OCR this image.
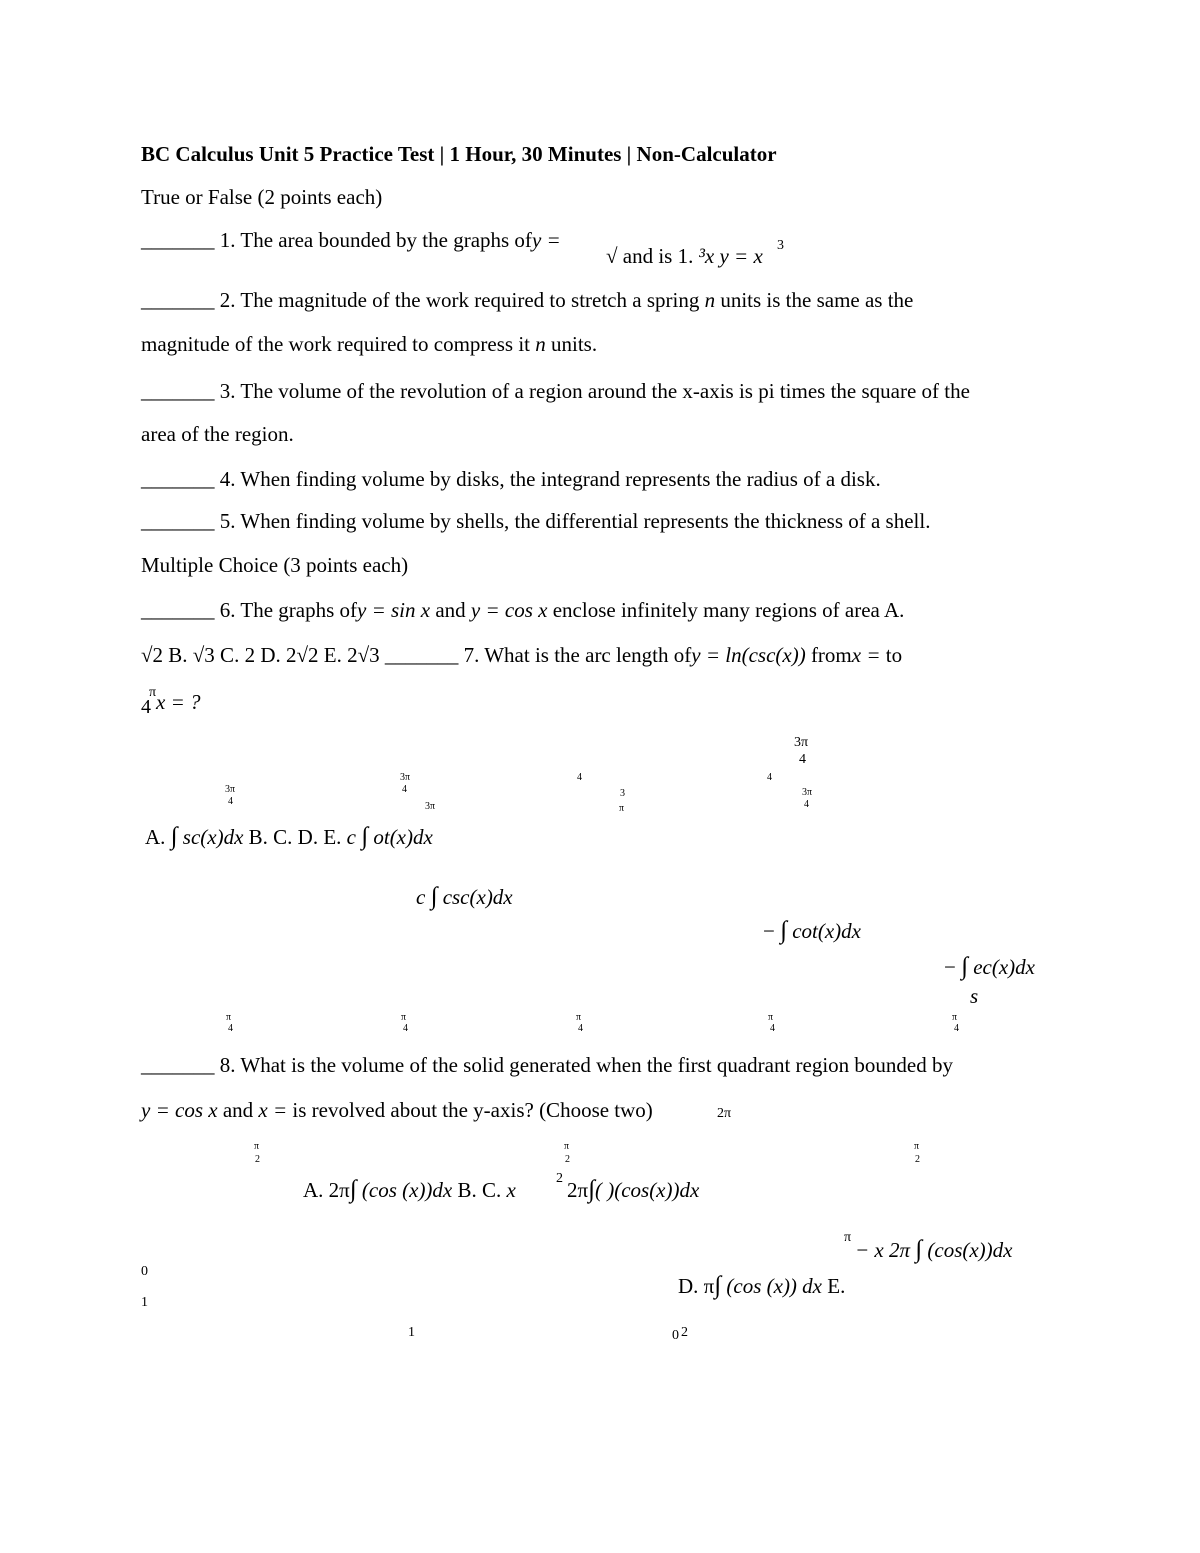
BC Calculus Unit 5 Practice Test | 1 Hour, 30 Minutes | Non-Calculator
True or False (2 points each)
_______ 1. The area bounded by the graphs ofy =
√ and is 1. ³x y = x 3
_______ 2. The magnitude of the work required to stretch a spring n units is the same as the
magnitude of the work required to compress it n units.
_______ 3. The volume of the revolution of a region around the x-axis is pi times the square of the
area of the region.
_______ 4. When finding volume by disks, the integrand represents the radius of a disk.
_______ 5. When finding volume by shells, the differential represents the thickness of a shell.
Multiple Choice (3 points each)
_______ 6. The graphs ofy = sin x and y = cos x enclose infinitely many regions of area A.
√2 B. √3 C. 2 D. 2√2 E. 2√3 _______ 7. What is the arc length ofy = ln(csc(x)) fromx = to
4
π x = ?
3π
4
3π
4
3π
4
3π
4
3
π
4
3π
4
A. ∫ sc(x)dx B. C. D. E. c ∫ ot(x)dx
c ∫ csc(x)dx
− ∫ cot(x)dx
− ∫ ec(x)dx
s
π
4
π
4
π
4
π
4
π
4
_______ 8. What is the volume of the solid generated when the first quadrant region bounded by
y = cos x and x = is revolved about the y-axis? (Choose two)	2π
π
2
π
2
π
2
A. 2π∫ (cos (x))dx B. C. x	2 2π∫( )(cos(x))dx
π
− x 2π ∫ (cos(x))dx
D. π∫ (cos (x)) dx E.
0
1
1	0 2
